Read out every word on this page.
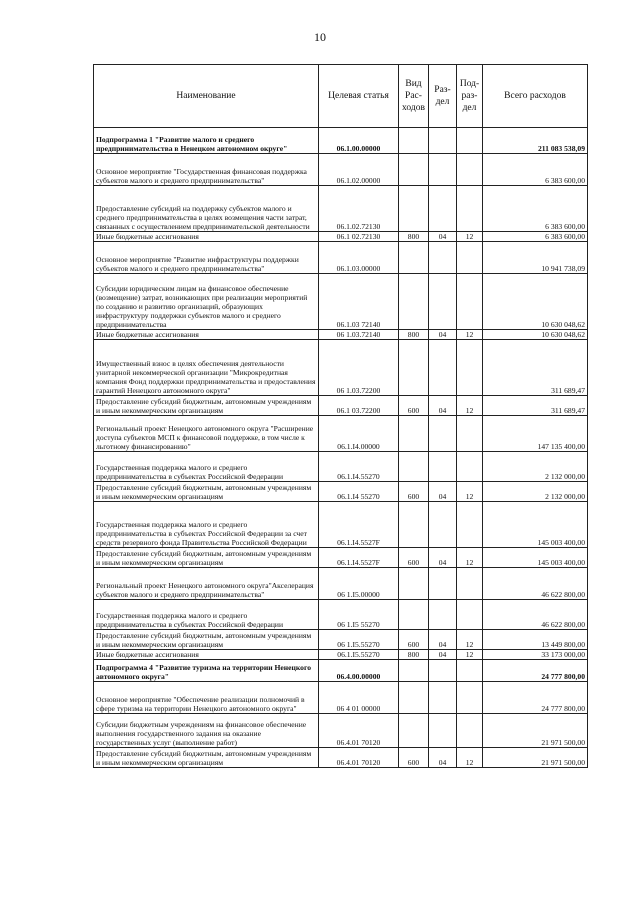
10
Наименование	Целевая статья	Вид Рас-ходов	Раз-дел	Под-раз-дел	Всего расходов
Подпрограмма 1 "Развитие малого и среднего предпринимательства в Ненецком автономном округе"	06.1.00.00000				211 083 538,09
Основное мероприятие "Государственная финансовая поддержка субъектов малого и среднего предпринимательства"	06.1.02.00000				6 383 600,00
Предоставление субсидий на поддержку субъектов малого и среднего предпринимательства в целях возмещения части затрат, связанных с осуществлением предпринимательской деятельности	06.1.02.72130				6 383 600,00
Иные бюджетные ассигнования	06.1 02.72130	800	04	12	6 383 600,00
Основное мероприятие "Развитие инфраструктуры поддержки субъектов малого и среднего предпринимательства"	06.1.03.00000				10 941 738,09
Субсидии юридическим лицам на финансовое обеспечение (возмещение) затрат, возникающих при реализации мероприятий по созданию и развитию организаций, образующих инфраструктуру поддержки субъектов малого и среднего предпринимательства	06.1.03 72140				10 630 048,62
Иные бюджетные ассигнования	06 1.03.72140	800	04	12	10 630 048,62
Имущественный взнос в целях обеспечения деятельности унитарной некоммерческой организации "Микрокредитная компания Фонд поддержки предпринимательства и предоставления гарантий Ненецкого автономного округа"	06 1.03.72200				311 689,47
Предоставление субсидий бюджетным, автономным учреждениям и иным некоммерческим организациям	06.1 03.72200	600	04	12	311 689,47
Региональный проект Ненецкого автономного округа "Расширение доступа субъектов МСП к финансовой поддержке, в том числе к льготному финансированию"	06.1.I4.00000				147 135 400,00
Государственная поддержка малого и среднего предпринимательства в субъектах Российской Федерации	06.1.I4.55270				2 132 000,00
Предоставление субсидий бюджетным, автономным учреждениям и иным некоммерческим организациям	06.1.I4 55270	600	04	12	2 132 000,00
Государственная поддержка малого и среднего предпринимательства в субъектах Российской Федерации за счет средств резервного фонда Правительства Российской Федерации	06.1.I4.5527F				145 003 400,00
Предоставление субсидий бюджетным, автономным учреждениям и иным некоммерческим организациям	06.1.I4.5527F	600	04	12	145 003 400,00
Региональный проект Ненецкого автономного округа"Акселерация субъектов малого и среднего предпринимательства"	06 1.I5.00000				46 622 800,00
Государственная поддержка малого и среднего предпринимательства в субъектах Российской Федерации	06 1.I5 55270				46 622 800,00
Предоставление субсидий бюджетным, автономным учреждениям и иным некоммерческим организациям	06 1.I5.55270	600	04	12	13 449 800,00
Иные бюджетные ассигнования	06.1.I5.55270	800	04	12	33 173 000,00
Подпрограмма 4 "Развитие туризма на территории Ненецкого автономного округа"	06.4.00.00000				24 777 800,00
Основное мероприятие "Обеспечение реализации полномочий в сфере туризма на территории Ненецкого автономного округа"	06 4 01 00000				24 777 800,00
Субсидии бюджетным учреждениям на финансовое обеспечение выполнения государственного задания на оказание государственных услуг (выполнение работ)	06.4.01 70120				21 971 500,00
Предоставление субсидий бюджетным, автономным учреждениям и иным некоммерческим организациям	06.4.01 70120	600	04	12	21 971 500,00
